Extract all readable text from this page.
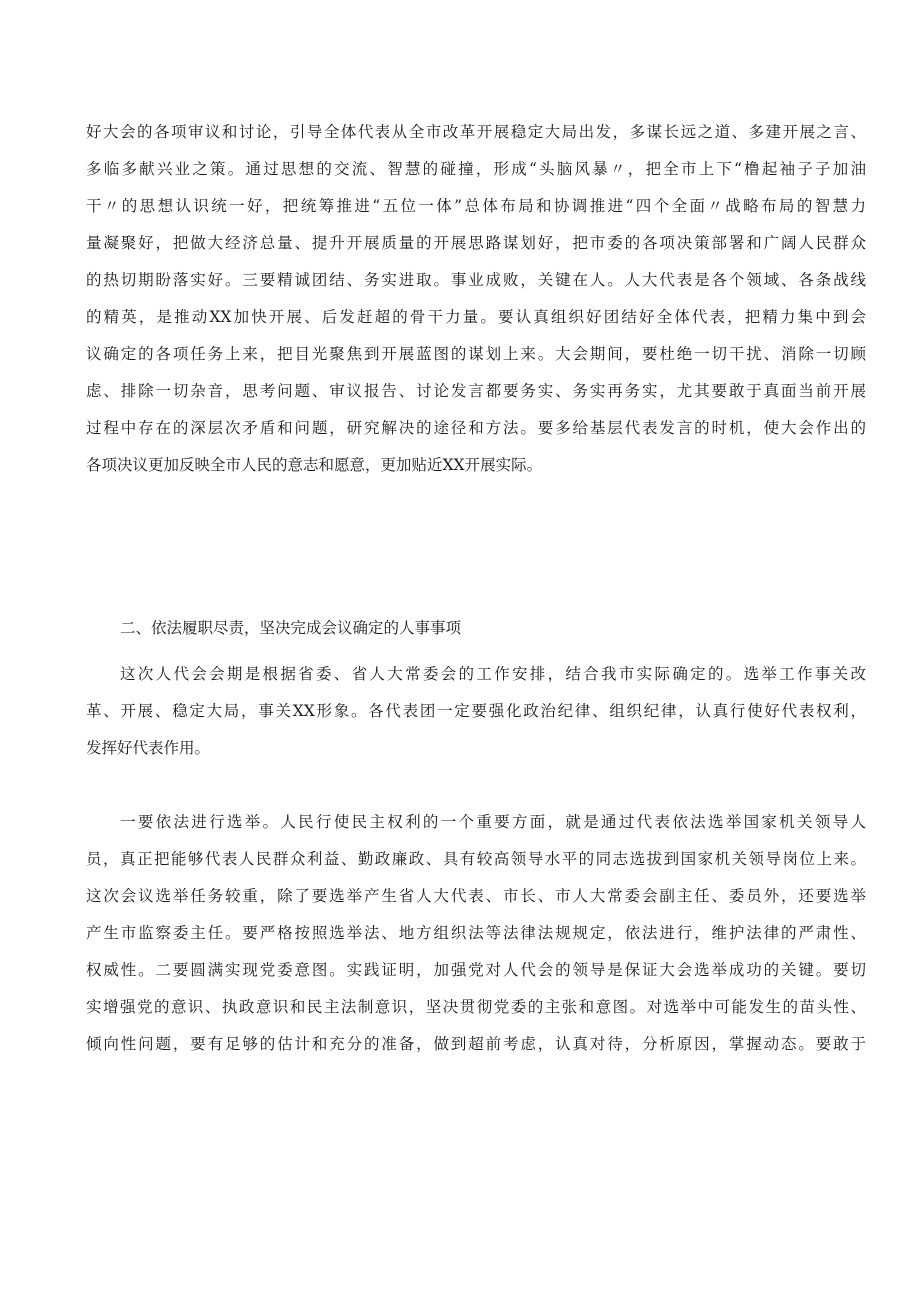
好大会的各项审议和讨论，引导全体代表从全市改革开展稳定大局出发，多谋长远之道、多建开展之言、
多临多献兴业之策。通过思想的交流、智慧的碰撞，形成“头脑风暴〃，把全市上下“橹起袖子子加油
干〃的思想认识统一好，把统筹推进“五位一体”总体布局和协调推进“四个全面〃战略布局的智慧力
量凝聚好，把做大经济总量、提升开展质量的开展思路谋划好，把市委的各项决策部署和广阔人民群众
的热切期盼落实好。三要精诚团结、务实进取。事业成败，关键在人。人大代表是各个领域、各条战线
的精英，是推动XX加快开展、后发赶超的骨干力量。要认真组织好团结好全体代表，把精力集中到会
议确定的各项任务上来，把目光聚焦到开展蓝图的谋划上来。大会期间，要杜绝一切干扰、消除一切顾
虑、排除一切杂音，思考问题、审议报告、讨论发言都要务实、务实再务实，尤其要敢于真面当前开展
过程中存在的深层次矛盾和问题，研究解决的途径和方法。要多给基层代表发言的时机，使大会作出的
各项决议更加反映全市人民的意志和愿意，更加贴近XX开展实际。
二、依法履职尽责，坚决完成会议确定的人事事项
这次人代会会期是根据省委、省人大常委会的工作安排，结合我市实际确定的。选举工作事关改
革、开展、稳定大局，事关XX形象。各代表团一定要强化政治纪律、组织纪律，认真行使好代表权利，
发挥好代表作用。
一要依法进行选举。人民行使民主权利的一个重要方面，就是通过代表依法选举国家机关领导人
员，真正把能够代表人民群众利益、勤政廉政、具有较高领导水平的同志选拔到国家机关领导岗位上来。
这次会议选举任务较重，除了要选举产生省人大代表、市长、市人大常委会副主任、委员外，还要选举
产生市监察委主任。要严格按照选举法、地方组织法等法律法规规定，依法进行，维护法律的严肃性、
权威性。二要圆满实现党委意图。实践证明，加强党对人代会的领导是保证大会选举成功的关键。要切
实增强党的意识、执政意识和民主法制意识，坚决贯彻党委的主张和意图。对选举中可能发生的苗头性、
倾向性问题，要有足够的估计和充分的准备，做到超前考虑，认真对待，分析原因，掌握动态。要敢于
